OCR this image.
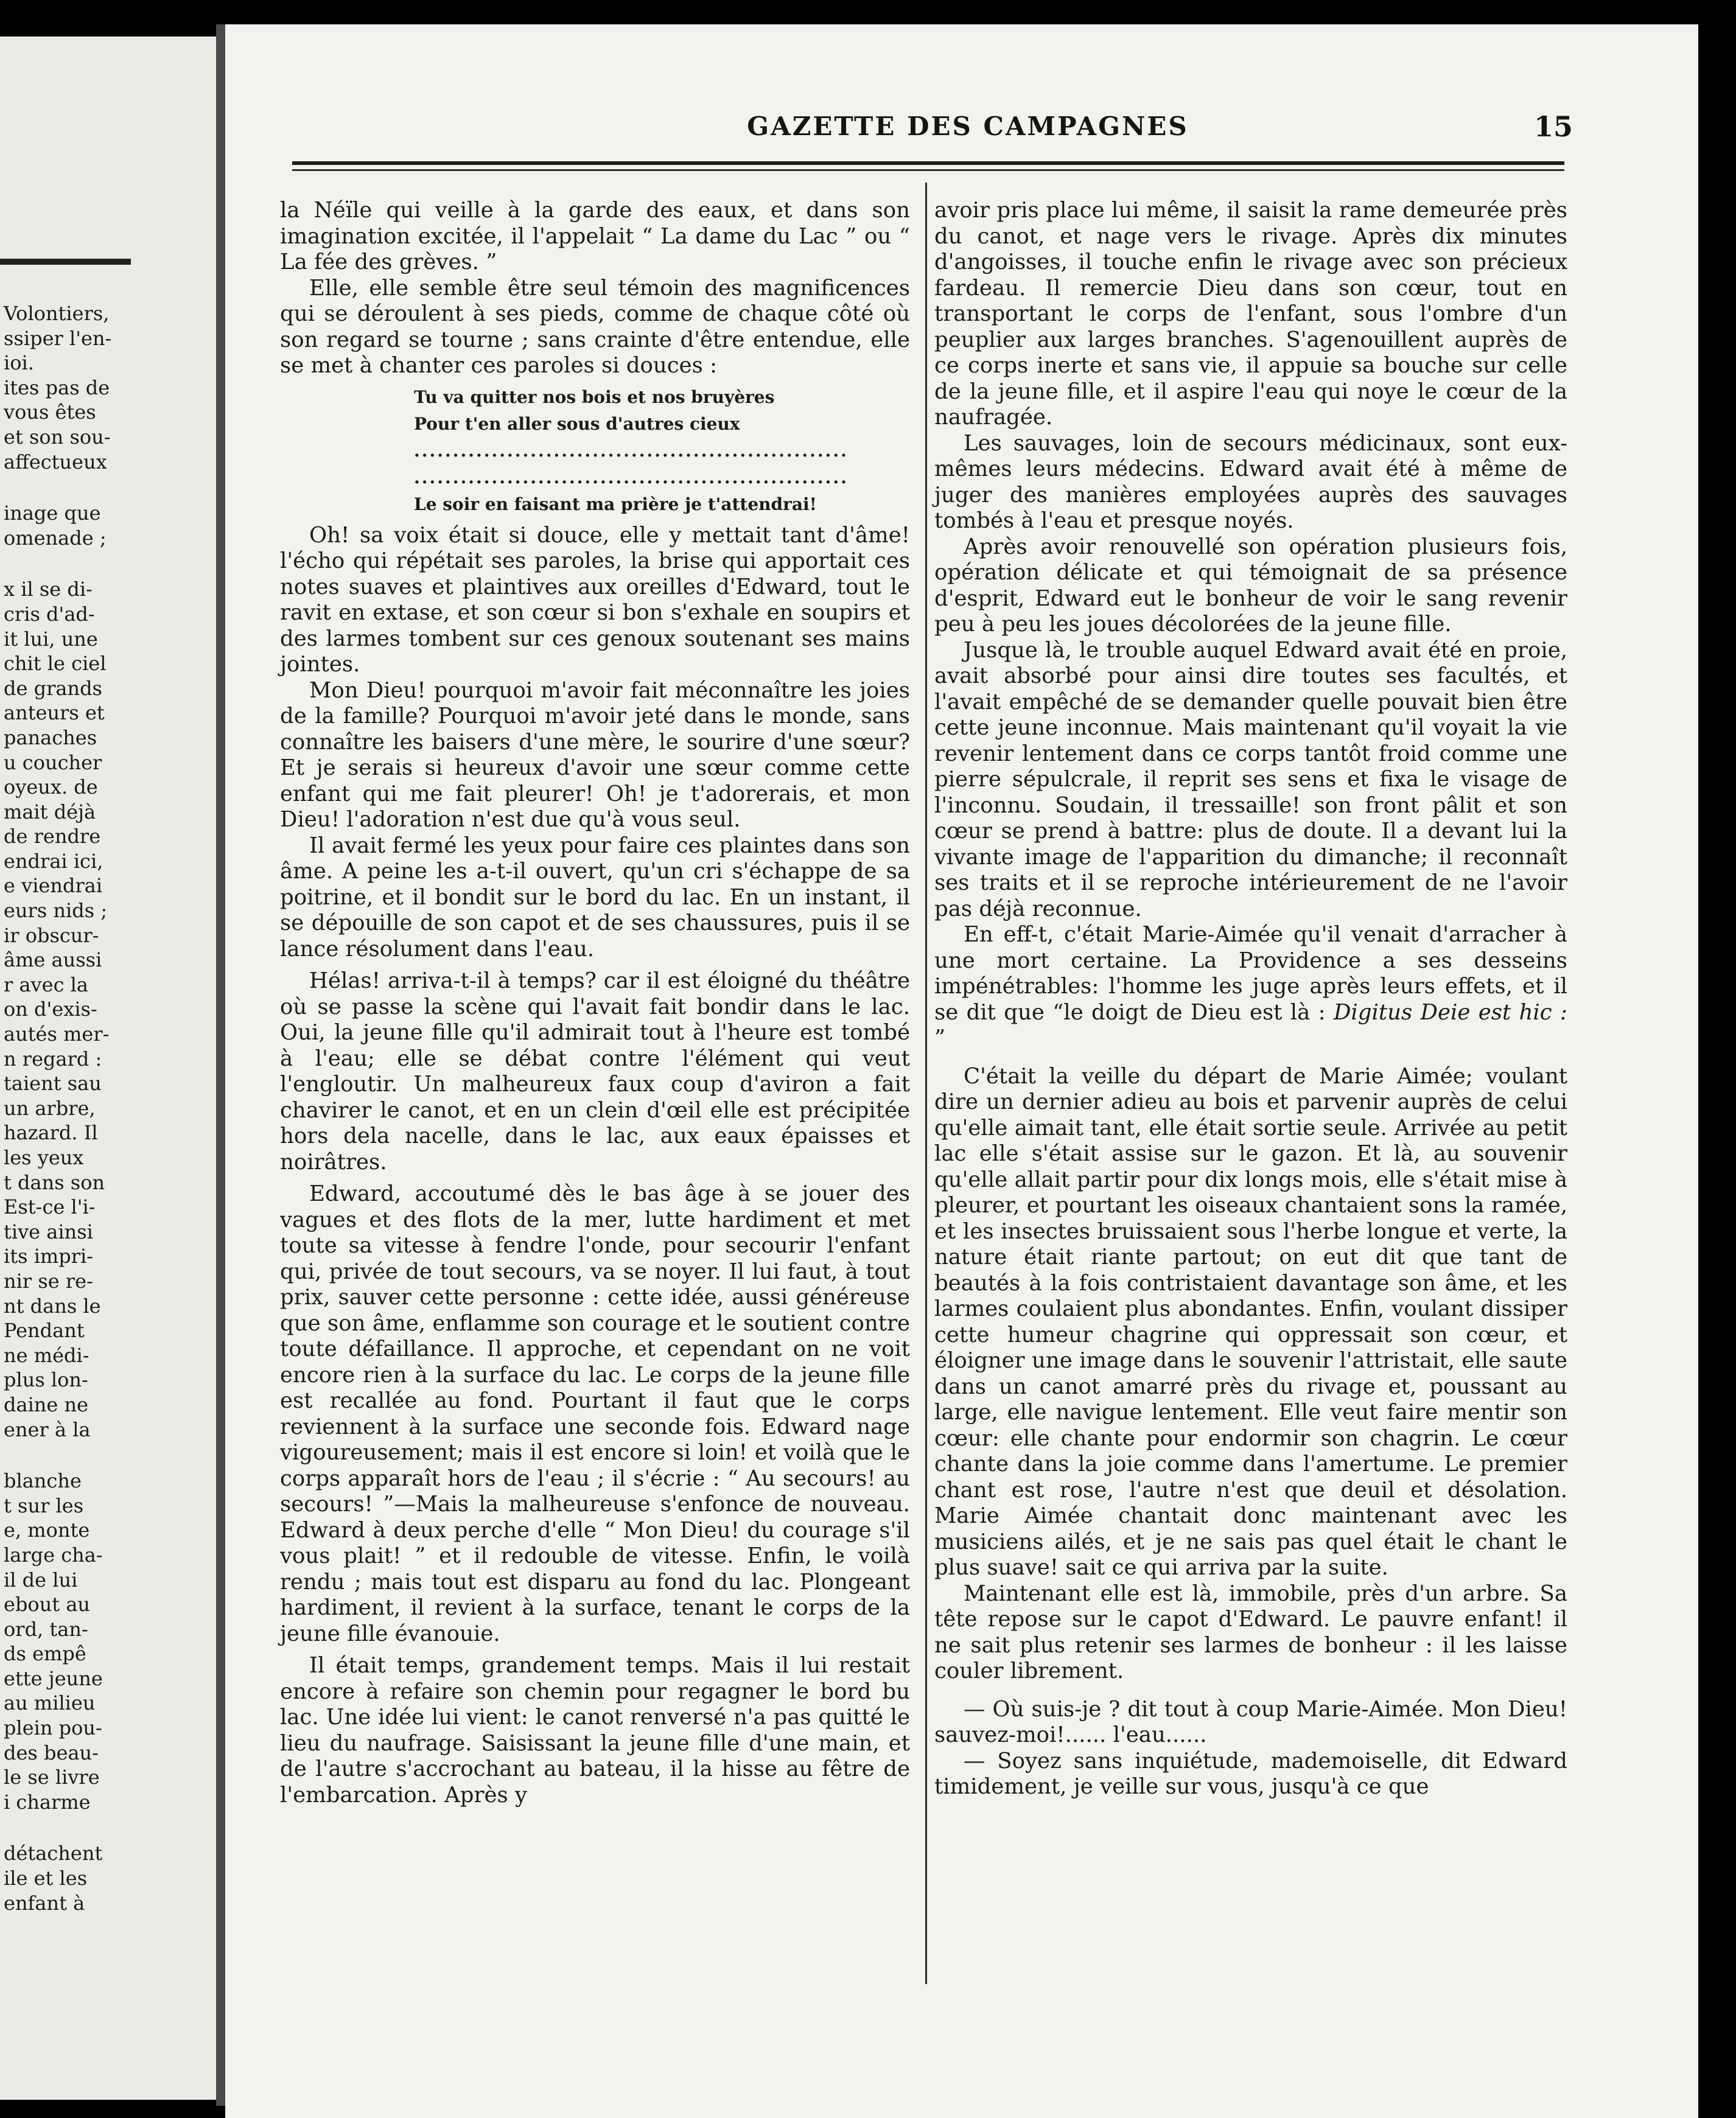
Volontiers,
ssiper l'en-
ioi.
ites pas de
vous êtes
et son sou-
affectueux
inage que
omenade ;
x il se di-
cris d'ad-
it lui, une
chit le ciel
de grands
anteurs et
panaches
u coucher
oyeux. de
mait déjà
de rendre
endrai ici,
e viendrai
eurs nids ;
ir obscur-
âme aussi
r avec la
on d'exis-
autés mer-
n regard :
taient sau
un arbre,
hazard. Il
les yeux
t dans son
Est-ce l'i-
tive ainsi
its impri-
nir se re-
nt dans le
Pendant
ne médi-
plus lon-
daine ne
ener à la
blanche
t sur les
e, monte
large cha-
il de lui
ebout au
ord, tan-
ds empê
ette jeune
au milieu
plein pou-
des beau-
le se livre
i charme
détachent
ile et les
enfant à
GAZETTE DES CAMPAGNES	15

la Néïle qui veille à la garde des eaux, et dans son imagination excitée, il l'appelait “ La dame du Lac ” ou “ La fée des grèves. ”

Elle, elle semble être seul témoin des magnificences qui se déroulent à ses pieds, comme de chaque côté où son regard se tourne ; sans crainte d'être entendue, elle se met à chanter ces paroles si douces :

Tu va quitter nos bois et nos bruyères
Pour t'en aller sous d'autres cieux
........................................................
........................................................
Le soir en faisant ma prière je t'attendrai!

Oh! sa voix était si douce, elle y mettait tant d'âme! l'écho qui répétait ses paroles, la brise qui apportait ces notes suaves et plaintives aux oreilles d'Edward, tout le ravit en extase, et son cœur si bon s'exhale en soupirs et des larmes tombent sur ces genoux soutenant ses mains jointes.

Mon Dieu! pourquoi m'avoir fait méconnaître les joies de la famille? Pourquoi m'avoir jeté dans le monde, sans connaître les baisers d'une mère, le sourire d'une sœur? Et je serais si heureux d'avoir une sœur comme cette enfant qui me fait pleurer! Oh! je t'adorerais, et mon Dieu! l'adoration n'est due qu'à vous seul.

Il avait fermé les yeux pour faire ces plaintes dans son âme. A peine les a-t-il ouvert, qu'un cri s'échappe de sa poitrine, et il bondit sur le bord du lac. En un instant, il se dépouille de son capot et de ses chaussures, puis il se lance résolument dans l'eau.

Hélas! arriva-t-il à temps? car il est éloigné du théâtre où se passe la scène qui l'avait fait bondir dans le lac. Oui, la jeune fille qu'il admirait tout à l'heure est tombé à l'eau; elle se débat contre l'élément qui veut l'engloutir. Un malheureux faux coup d'aviron a fait chavirer le canot, et en un clein d'œil elle est précipitée hors dela nacelle, dans le lac, aux eaux épaisses et noirâtres.

Edward, accoutumé dès le bas âge à se jouer des vagues et des flots de la mer, lutte hardiment et met toute sa vitesse à fendre l'onde, pour secourir l'enfant qui, privée de tout secours, va se noyer. Il lui faut, à tout prix, sauver cette personne : cette idée, aussi généreuse que son âme, enflamme son courage et le soutient contre toute défaillance. Il approche, et cependant on ne voit encore rien à la surface du lac. Le corps de la jeune fille est recallée au fond. Pourtant il faut que le corps reviennent à la surface une seconde fois. Edward nage vigoureusement; mais il est encore si loin! et voilà que le corps apparaît hors de l'eau ; il s'écrie : “ Au secours! au secours! ”—Mais la malheureuse s'enfonce de nouveau. Edward à deux perche d'elle “ Mon Dieu! du courage s'il vous plait! ” et il redouble de vitesse. Enfin, le voilà rendu ; mais tout est disparu au fond du lac. Plongeant hardiment, il revient à la surface, tenant le corps de la jeune fille évanouie.

Il était temps, grandement temps. Mais il lui restait encore à refaire son chemin pour regagner le bord bu lac. Une idée lui vient: le canot renversé n'a pas quitté le lieu du naufrage. Saisissant la jeune fille d'une main, et de l'autre s'accrochant au bateau, il la hisse au fêtre de l'embarcation. Après y

avoir pris place lui même, il saisit la rame demeurée près du canot, et nage vers le rivage. Après dix minutes d'angoisses, il touche enfin le rivage avec son précieux fardeau. Il remercie Dieu dans son cœur, tout en transportant le corps de l'enfant, sous l'ombre d'un peuplier aux larges branches. S'agenouillent auprès de ce corps inerte et sans vie, il appuie sa bouche sur celle de la jeune fille, et il aspire l'eau qui noye le cœur de la naufragée.

Les sauvages, loin de secours médicinaux, sont eux-mêmes leurs médecins. Edward avait été à même de juger des manières employées auprès des sauvages tombés à l'eau et presque noyés.

Après avoir renouvellé son opération plusieurs fois, opération délicate et qui témoignait de sa présence d'esprit, Edward eut le bonheur de voir le sang revenir peu à peu les joues décolorées de la jeune fille.

Jusque là, le trouble auquel Edward avait été en proie, avait absorbé pour ainsi dire toutes ses facultés, et l'avait empêché de se demander quelle pouvait bien être cette jeune inconnue. Mais maintenant qu'il voyait la vie revenir lentement dans ce corps tantôt froid comme une pierre sépulcrale, il reprit ses sens et fixa le visage de l'inconnu. Soudain, il tressaille! son front pâlit et son cœur se prend à battre: plus de doute. Il a devant lui la vivante image de l'apparition du dimanche; il reconnaît ses traits et il se reproche intérieurement de ne l'avoir pas déjà reconnue.

En eff-t, c'était Marie-Aimée qu'il venait d'arracher à une mort certaine. La Providence a ses desseins impénétrables: l'homme les juge après leurs effets, et il se dit que “le doigt de Dieu est là : Digitus Deie est hic : ”

C'était la veille du départ de Marie Aimée; voulant dire un dernier adieu au bois et parvenir auprès de celui qu'elle aimait tant, elle était sortie seule. Arrivée au petit lac elle s'était assise sur le gazon. Et là, au souvenir qu'elle allait partir pour dix longs mois, elle s'était mise à pleurer, et pourtant les oiseaux chantaient sons la ramée, et les insectes bruissaient sous l'herbe longue et verte, la nature était riante partout; on eut dit que tant de beautés à la fois contristaient davantage son âme, et les larmes coulaient plus abondantes. Enfin, voulant dissiper cette humeur chagrine qui oppressait son cœur, et éloigner une image dans le souvenir l'attristait, elle saute dans un canot amarré près du rivage et, poussant au large, elle navigue lentement. Elle veut faire mentir son cœur: elle chante pour endormir son chagrin. Le cœur chante dans la joie comme dans l'amertume. Le premier chant est rose, l'autre n'est que deuil et désolation. Marie Aimée chantait donc maintenant avec les musiciens ailés, et je ne sais pas quel était le chant le plus suave! sait ce qui arriva par la suite.

Maintenant elle est là, immobile, près d'un arbre. Sa tête repose sur le capot d'Edward. Le pauvre enfant! il ne sait plus retenir ses larmes de bonheur : il les laisse couler librement.

— Où suis-je ? dit tout à coup Marie-Aimée. Mon Dieu! sauvez-moi!...... l'eau......

— Soyez sans inquiétude, mademoiselle, dit Edward timidement, je veille sur vous, jusqu'à ce que
